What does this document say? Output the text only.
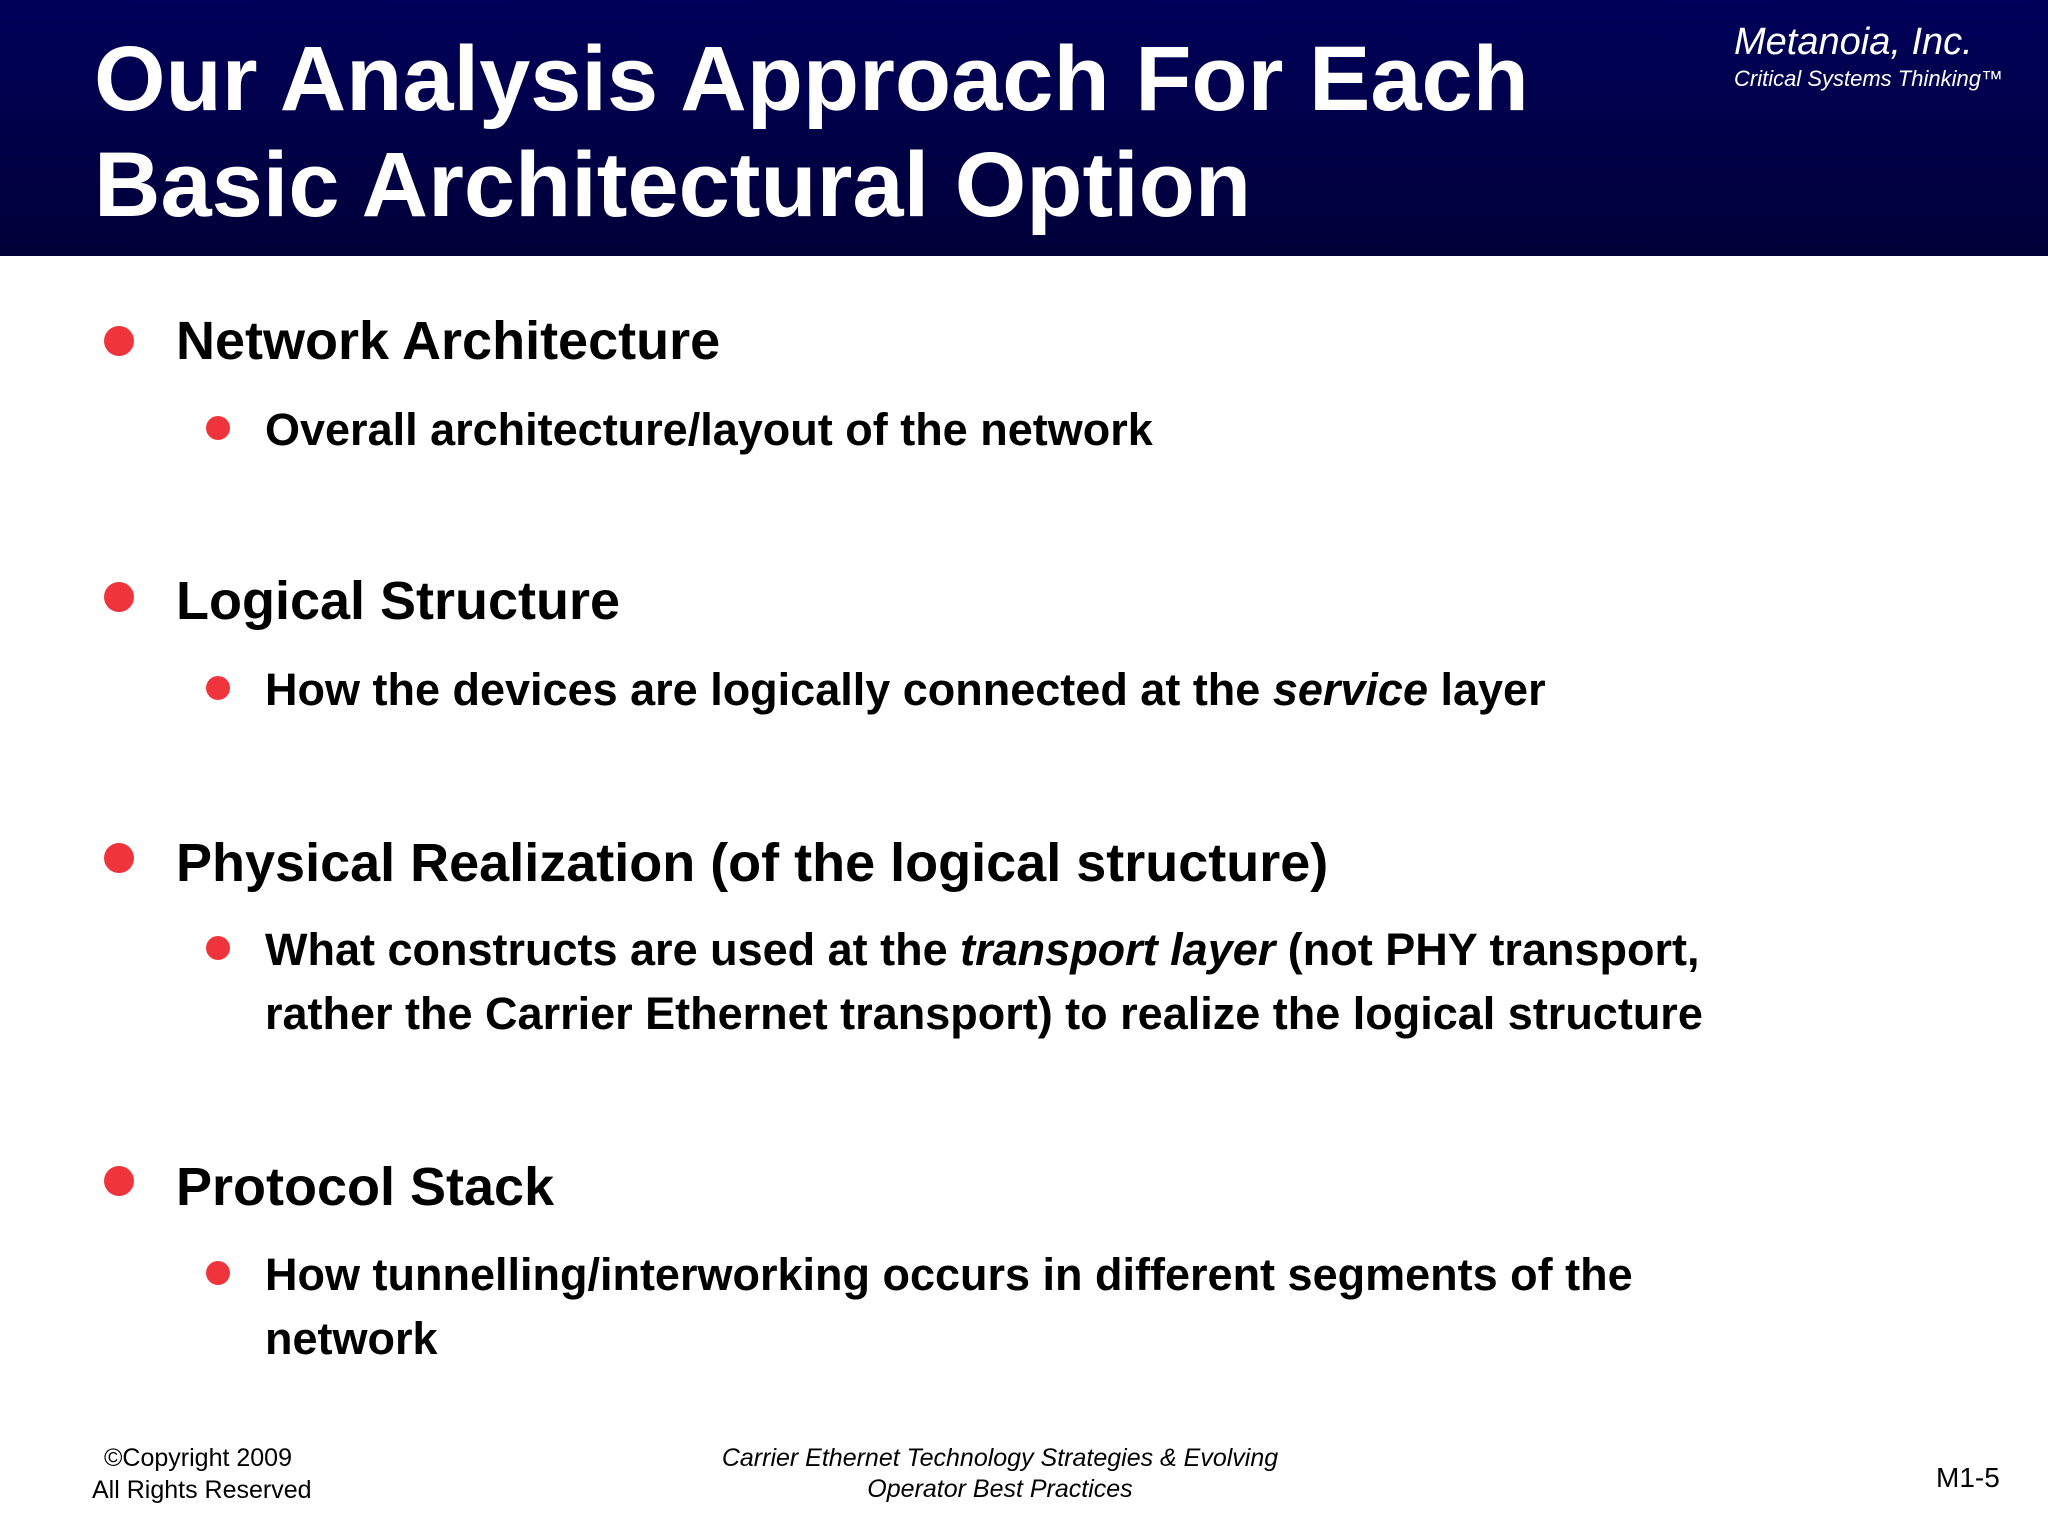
Our Analysis Approach For Each
Basic Architectural Option
Metanoia, Inc.
Critical Systems Thinking™
Network Architecture
Overall architecture/layout of the network
Logical Structure
How the devices are logically connected at the service layer
Physical Realization (of the logical structure)
What constructs are used at the transport layer (not PHY transport,
rather the Carrier Ethernet transport) to realize the logical structure
Protocol Stack
How tunnelling/interworking occurs in different segments of the
network
©Copyright 2009
All Rights Reserved
Carrier Ethernet Technology Strategies & Evolving
Operator Best Practices	M1-5
